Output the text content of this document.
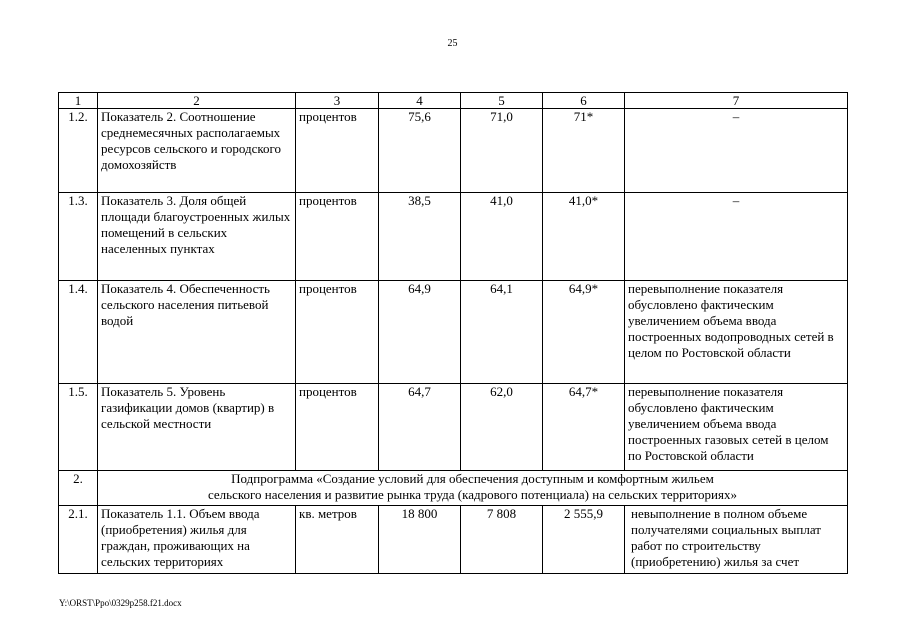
25
1	2	3	4	5	6	7
1.2.	Показатель 2. Соотношение среднемесячных располагаемых ресурсов сельского и городского домохозяйств	процентов	75,6	71,0	71*	–
1.3.	Показатель 3. Доля общей площади благоустроенных жилых помещений в сельских населенных пунктах	процентов	38,5	41,0	41,0*	–
1.4.	Показатель 4. Обеспеченность сельского населения питьевой водой	процентов	64,9	64,1	64,9*	перевыполнение показателя обусловлено фактическим увеличением объема ввода построенных водопроводных сетей в целом по Ростовской области
1.5.	Показатель 5. Уровень газификации домов (квартир) в сельской местности	процентов	64,7	62,0	64,7*	перевыполнение показателя обусловлено фактическим увеличением объема ввода построенных газовых сетей в целом по Ростовской области
2.	Подпрограмма «Создание условий для обеспечения доступным и комфортным жильем
сельского населения и развитие рынка труда (кадрового потенциала) на сельских территориях»					

2.1.	Показатель 1.1. Объем ввода (приобретения) жилья для граждан, проживающих на сельских территориях	кв. метров	18 800	7 808	2 555,9	невыполнение в полном объеме получателями социальных выплат работ по строительству (приобретению) жилья за счет
Y:\ORST\Ppo\0329p258.f21.docx
